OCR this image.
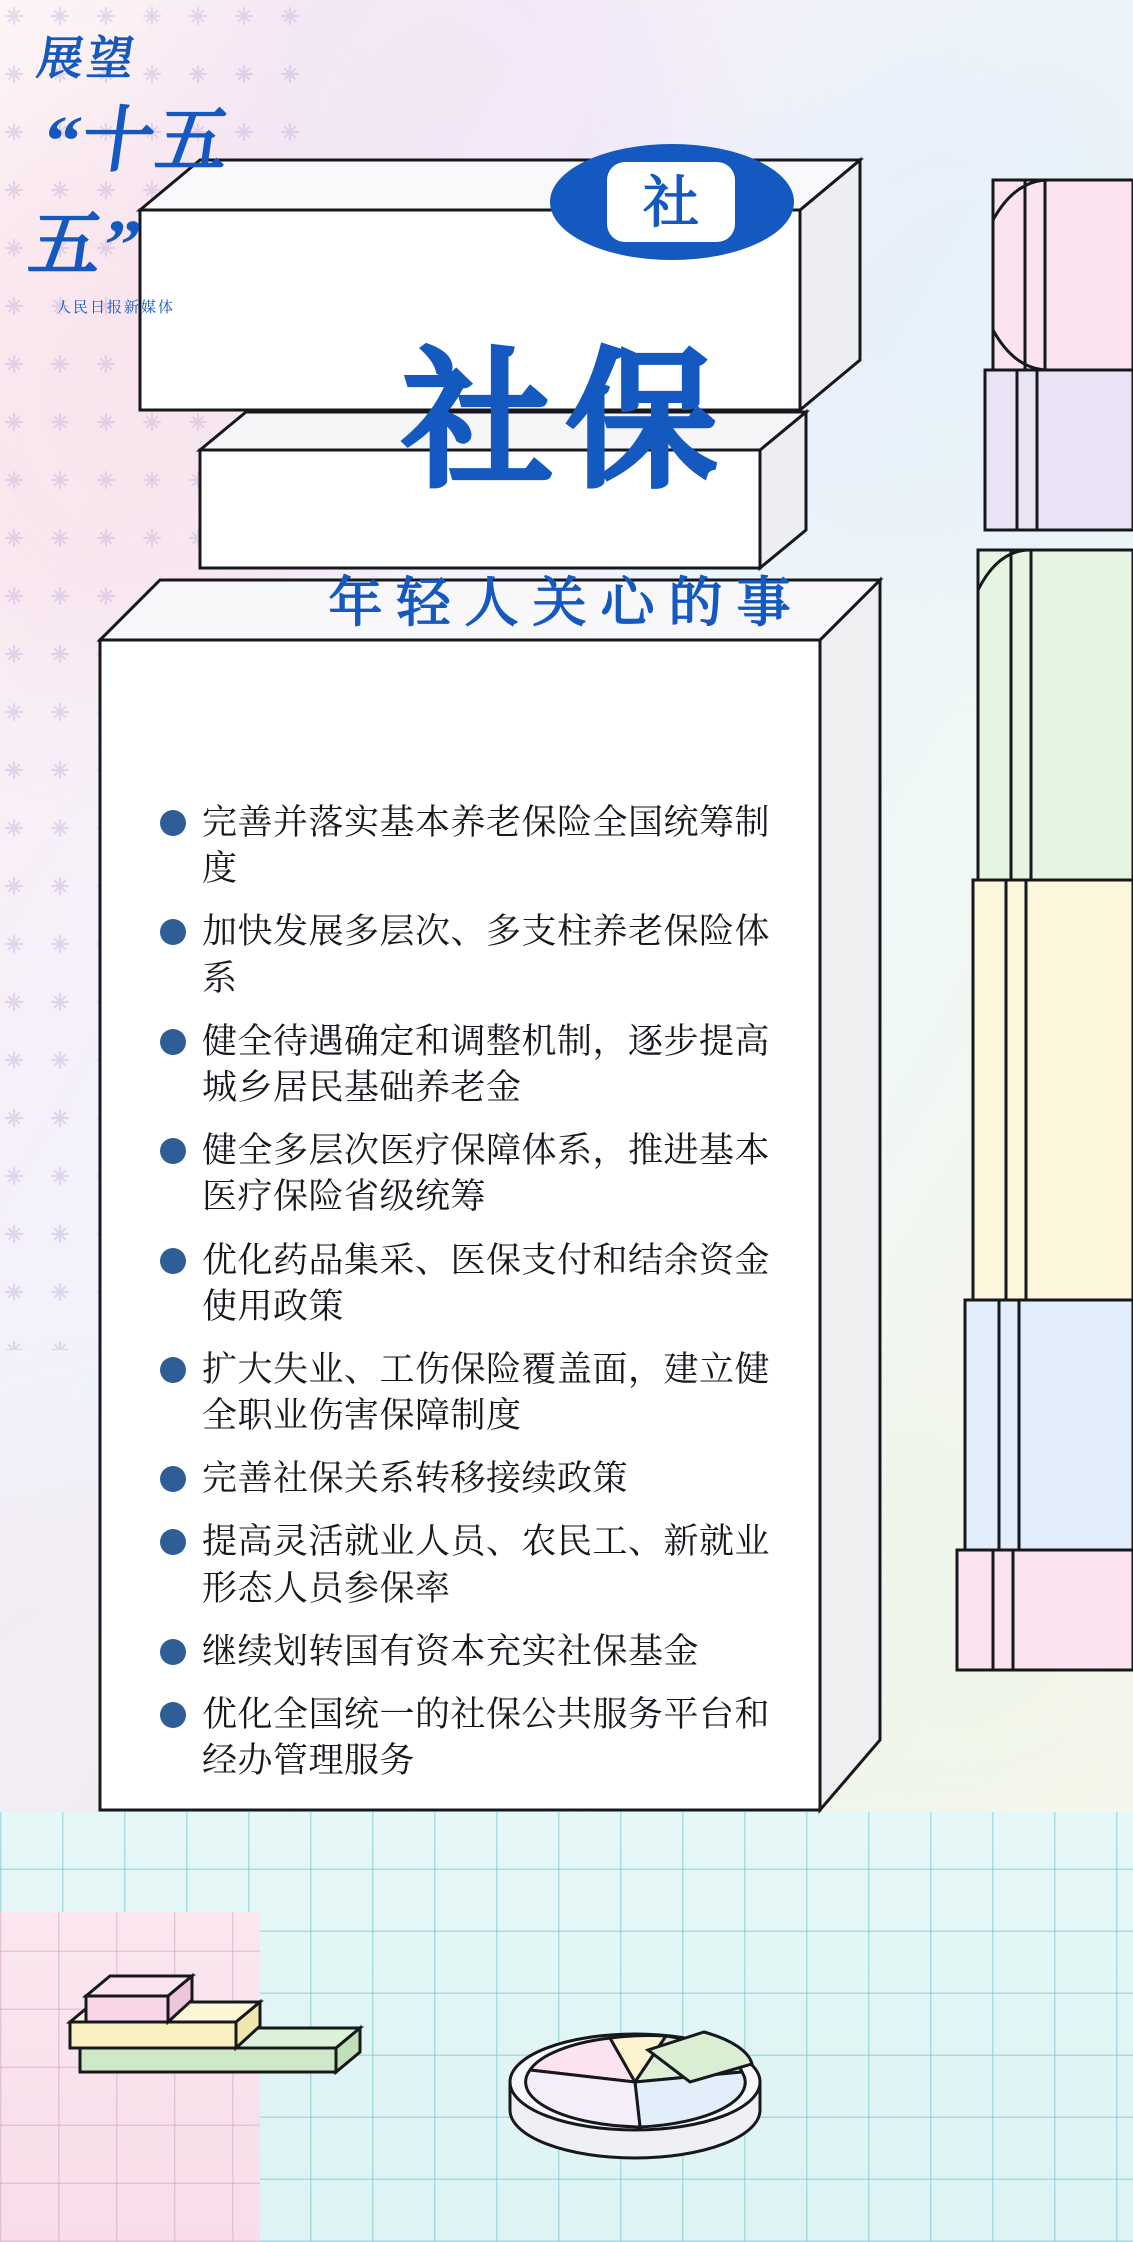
社
展望
“十五五”
人民日报新媒体
社保
年轻人关心的事
完善并落实基本养老保险全国统筹制度
加快发展多层次、多支柱养老保险体系
健全待遇确定和调整机制，逐步提高城乡居民基础养老金
健全多层次医疗保障体系，推进基本医疗保险省级统筹
优化药品集采、医保支付和结余资金使用政策
扩大失业、工伤保险覆盖面，建立健全职业伤害保障制度
完善社保关系转移接续政策
提高灵活就业人员、农民工、新就业形态人员参保率
继续划转国有资本充实社保基金
优化全国统一的社保公共服务平台和经办管理服务
